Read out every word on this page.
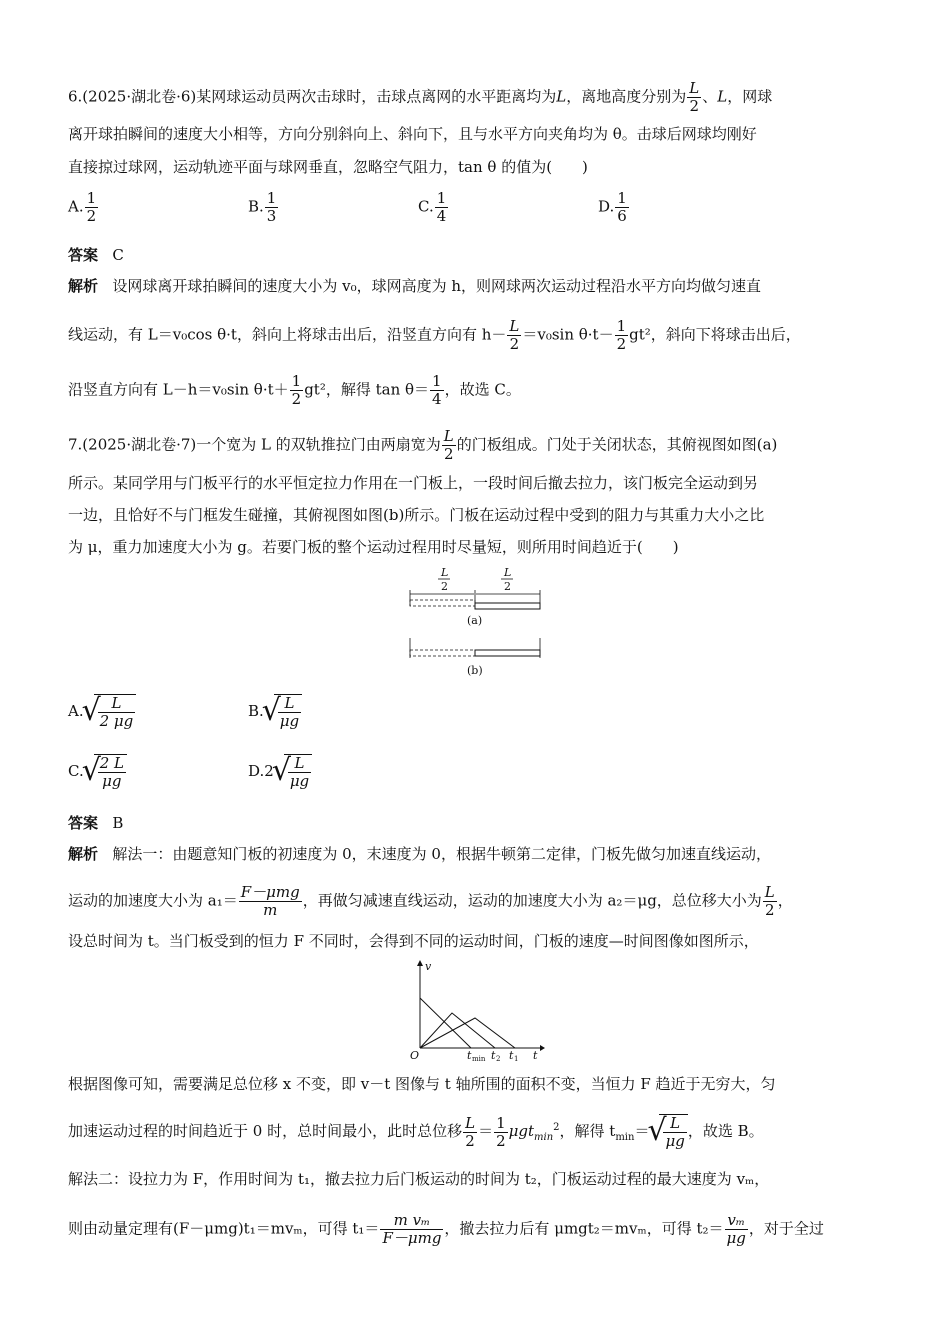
6.(2025·湖北卷·6)某网球运动员两次击球时，击球点离网的水平距离均为L，离地高度分别为 $\frac{L}{2}$ 、L，网球
离开球拍瞬间的速度大小相等，方向分别斜向上、斜向下，且与水平方向夹角均为 θ。击球后网球均刚好
直接掠过球网，运动轨迹平面与球网垂直，忽略空气阻力，tan θ 的值为(　　)
A. $\frac{1}{2}$	B. $\frac{1}{3}$	C. $\frac{1}{4}$	D. $\frac{1}{6}$
答案 C
解析 设网球离开球拍瞬间的速度大小为 v₀，球网高度为 h，则网球两次运动过程沿水平方向均做匀速直
线运动，有 L＝v₀cos θ·t，斜向上将球击出后，沿竖直方向有 $h- \frac{L}{2} =v_0\sin$ $\theta\cdot t- \frac{1}{2} gt^2$，斜向下将球击出后，
沿竖直方向有 L－h＝v₀sin $\theta\cdot t+ \frac{1}{2} gt^2$，解得 $\tan \theta= \frac{1}{4}$ ，故选 C。
7.(2025·湖北卷·7)一个宽为 L 的双轨推拉门由两扇宽为 $\frac{L}{2}$ 的门板组成。门处于关闭状态，其俯视图如图(a)
所示。某同学用与门板平行的水平恒定拉力作用在一门板上，一段时间后撤去拉力，该门板完全运动到另
一边，且恰好不与门框发生碰撞，其俯视图如图(b)所示。门板在运动过程中受到的阻力与其重力大小之比
为 μ，重力加速度大小为 g。若要门板的整个运动过程用时尽量短，则所用时间趋近于(　　)
L
2
L
2
(a)
(b)
A. √ $\frac{L}{2 \mu g}$	B. √ $\frac{L}{\mu g}$
C. √ $\frac{2 L}{\mu g}$	D.2 √ $\frac{L}{\mu g}$
答案 B
解析 解法一：由题意知门板的初速度为 0，末速度为 0，根据牛顿第二定律，门板先做匀加速直线运动，
运动的加速度大小为 $a_1= \frac{\text{F－μmg}}{m}$ ，再做匀减速直线运动，运动的加速度大小为 a₂＝μg，总位移大小为 $\frac{L}{2}$ ，
设总时间为 t。当门板受到的恒力 F 不同时，会得到不同的运动时间，门板的速度—时间图像如图所示，
v
O	t
t min t 2 t 1
根据图像可知，需要满足总位移 x 不变，即 v－t 图像与 t 轴所围的面积不变，当恒力 F 趋近于无穷大，匀
加速运动过程的时间趋近于 0 时，总时间最小，此时总位移 $\frac{L}{2} = \frac{1}{2} \mu gt_{min}^2$，解得 $t_{min}=$ √ $\frac{L}{\mu g}$ ，故选 B。
解法二：设拉力为 F，作用时间为 t₁，撤去拉力后门板运动的时间为 t₂，门板运动过程的最大速度为 vₘ，
则由动量定理有(F－μmg)t₁＝mvₘ，可得 $t_1= \frac{\text{m vₘ}}{\text{F－μmg}}$ ，撤去拉力后有 μmgt₂＝mvₘ，可得 $t_2= \frac{\text{vₘ}}{\mu g}$ ，对于全过
